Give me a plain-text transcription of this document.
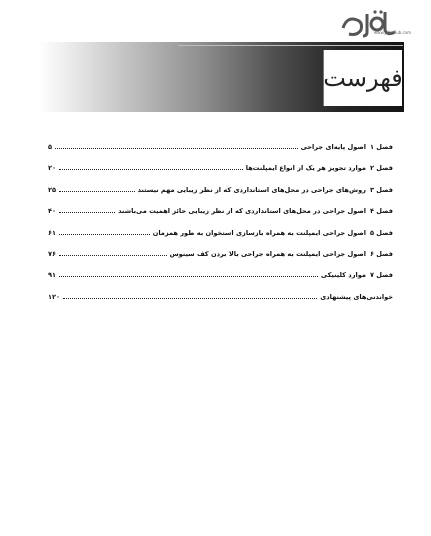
www.JafarPub.com
فهرست
فصل ۱
اصول پایه‌ای جراحی
۵
فصل ۲
موارد تجویز هر یک از انواع ایمپلنت‌ها
۲۰
فصل ۳
روش‌های جراحی در محل‌های استانداردی که از نظر زیبایی مهم نیستند
۲۵
فصل ۴
اصول جراحی در محل‌های استانداردی که از نظر زیبایی حائز اهمیت می‌باشند
۴۰
فصل ۵
اصول جراحی ایمپلنت به همراه بازسازی استخوان به طور همزمان
۶۱
فصل ۶
اصول جراحی ایمپلنت به همراه جراحی بالا بردن کف سینوس
۷۶
فصل ۷
موارد کلینیکی
۹۱
خواندنی‌های پیشنهادی
۱۲۰
